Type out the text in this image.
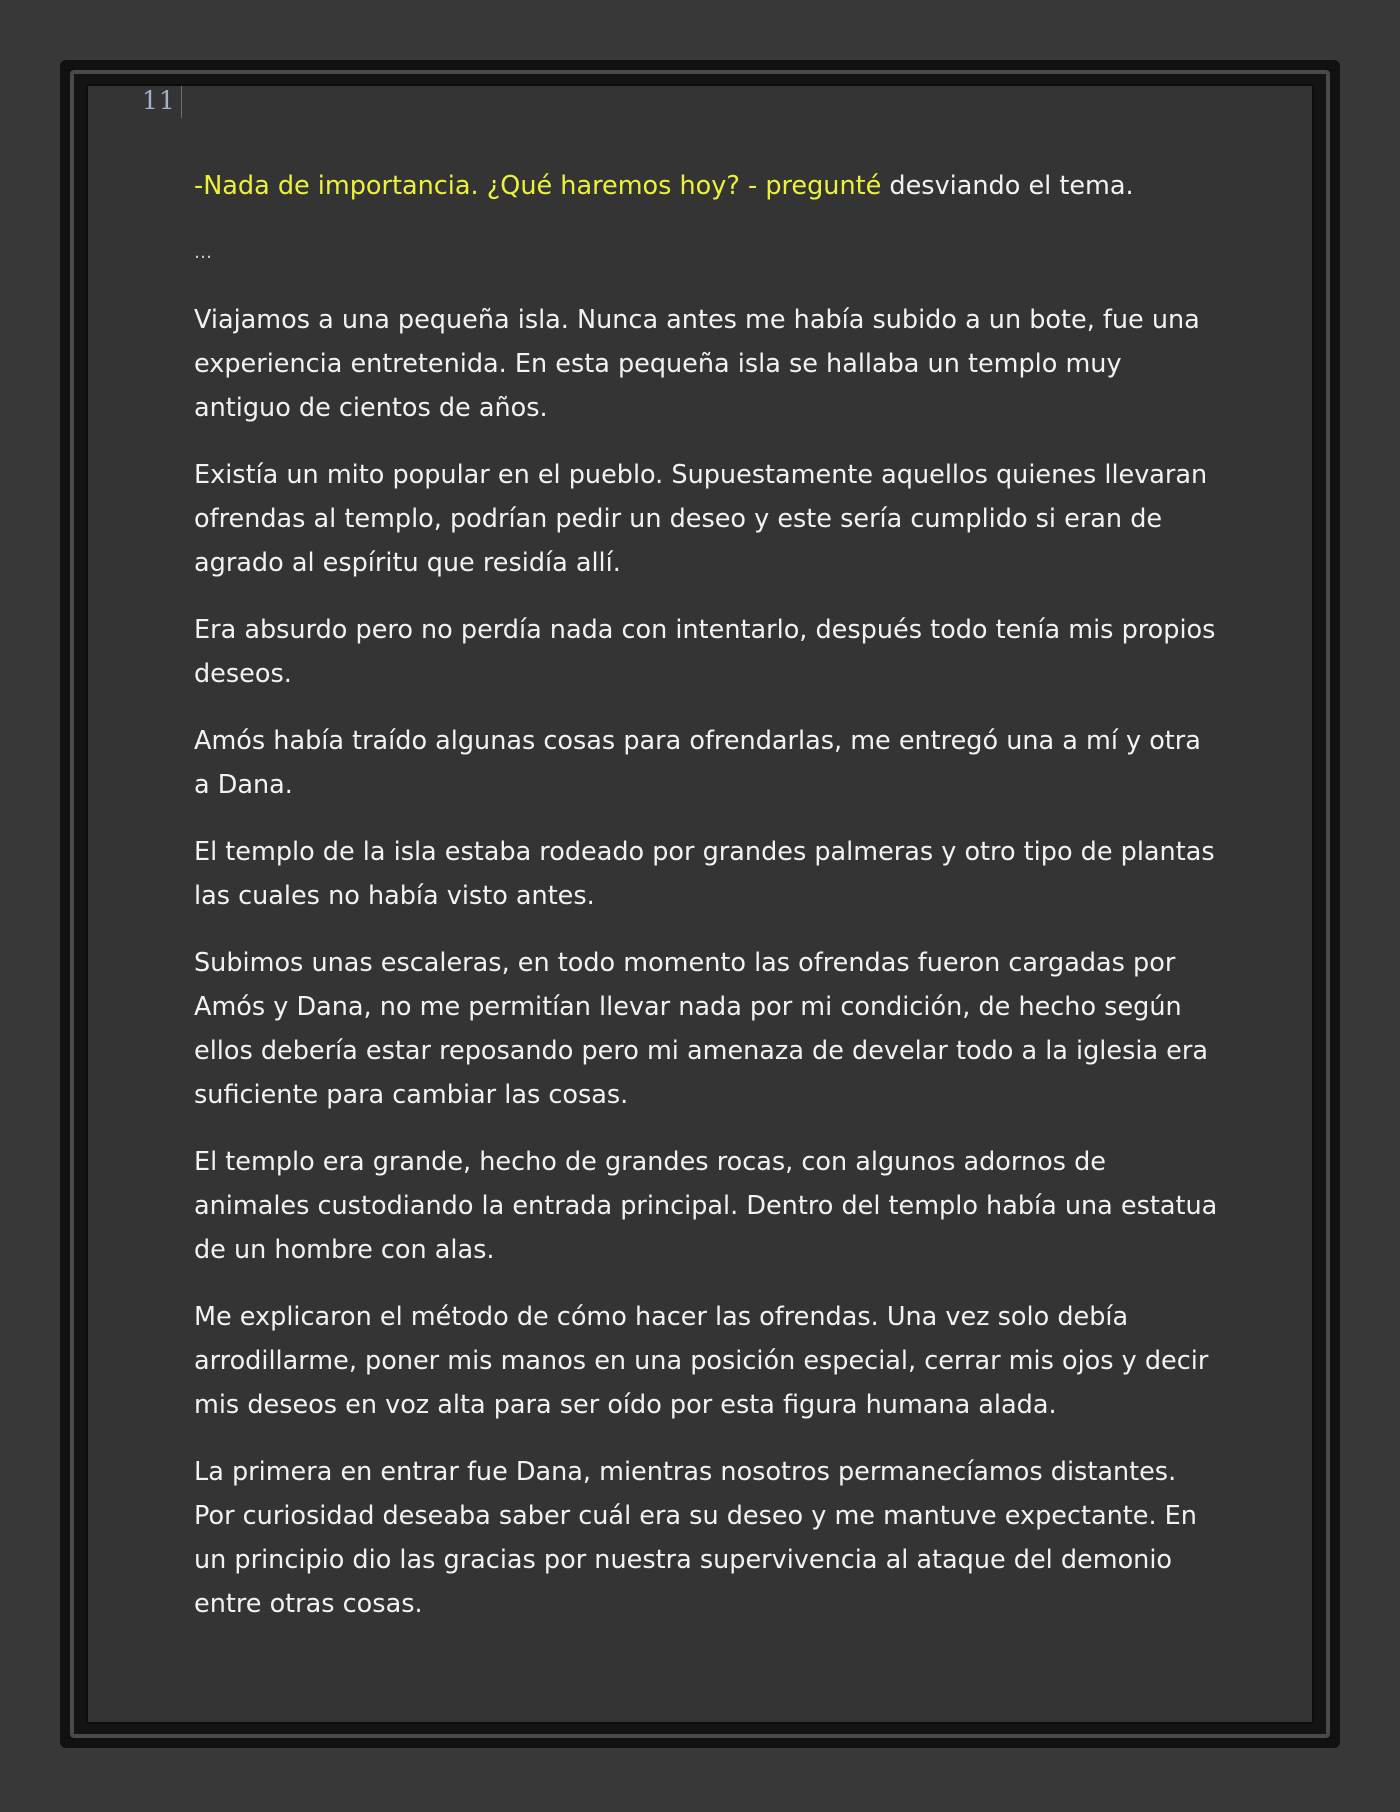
11

-Nada de importancia. ¿Qué haremos hoy? - pregunté desviando el tema.

…

Viajamos a una pequeña isla. Nunca antes me había subido a un bote, fue una experiencia entretenida. En esta pequeña isla se hallaba un templo muy antiguo de cientos de años.

Existía un mito popular en el pueblo. Supuestamente aquellos quienes llevaran ofrendas al templo, podrían pedir un deseo y este sería cumplido si eran de agrado al espíritu que residía allí.

Era absurdo pero no perdía nada con intentarlo, después todo tenía mis propios deseos.

Amós había traído algunas cosas para ofrendarlas, me entregó una a mí y otra a Dana.

El templo de la isla estaba rodeado por grandes palmeras y otro tipo de plantas las cuales no había visto antes.

Subimos unas escaleras, en todo momento las ofrendas fueron cargadas por Amós y Dana, no me permitían llevar nada por mi condición, de hecho según ellos debería estar reposando pero mi amenaza de develar todo a la iglesia era suficiente para cambiar las cosas.

El templo era grande, hecho de grandes rocas, con algunos adornos de animales custodiando la entrada principal. Dentro del templo había una estatua de un hombre con alas.

Me explicaron el método de cómo hacer las ofrendas. Una vez solo debía arrodillarme, poner mis manos en una posición especial, cerrar mis ojos y decir mis deseos en voz alta para ser oído por esta figura humana alada.

La primera en entrar fue Dana, mientras nosotros permanecíamos distantes. Por curiosidad deseaba saber cuál era su deseo y me mantuve expectante. En un principio dio las gracias por nuestra supervivencia al ataque del demonio entre otras cosas.
